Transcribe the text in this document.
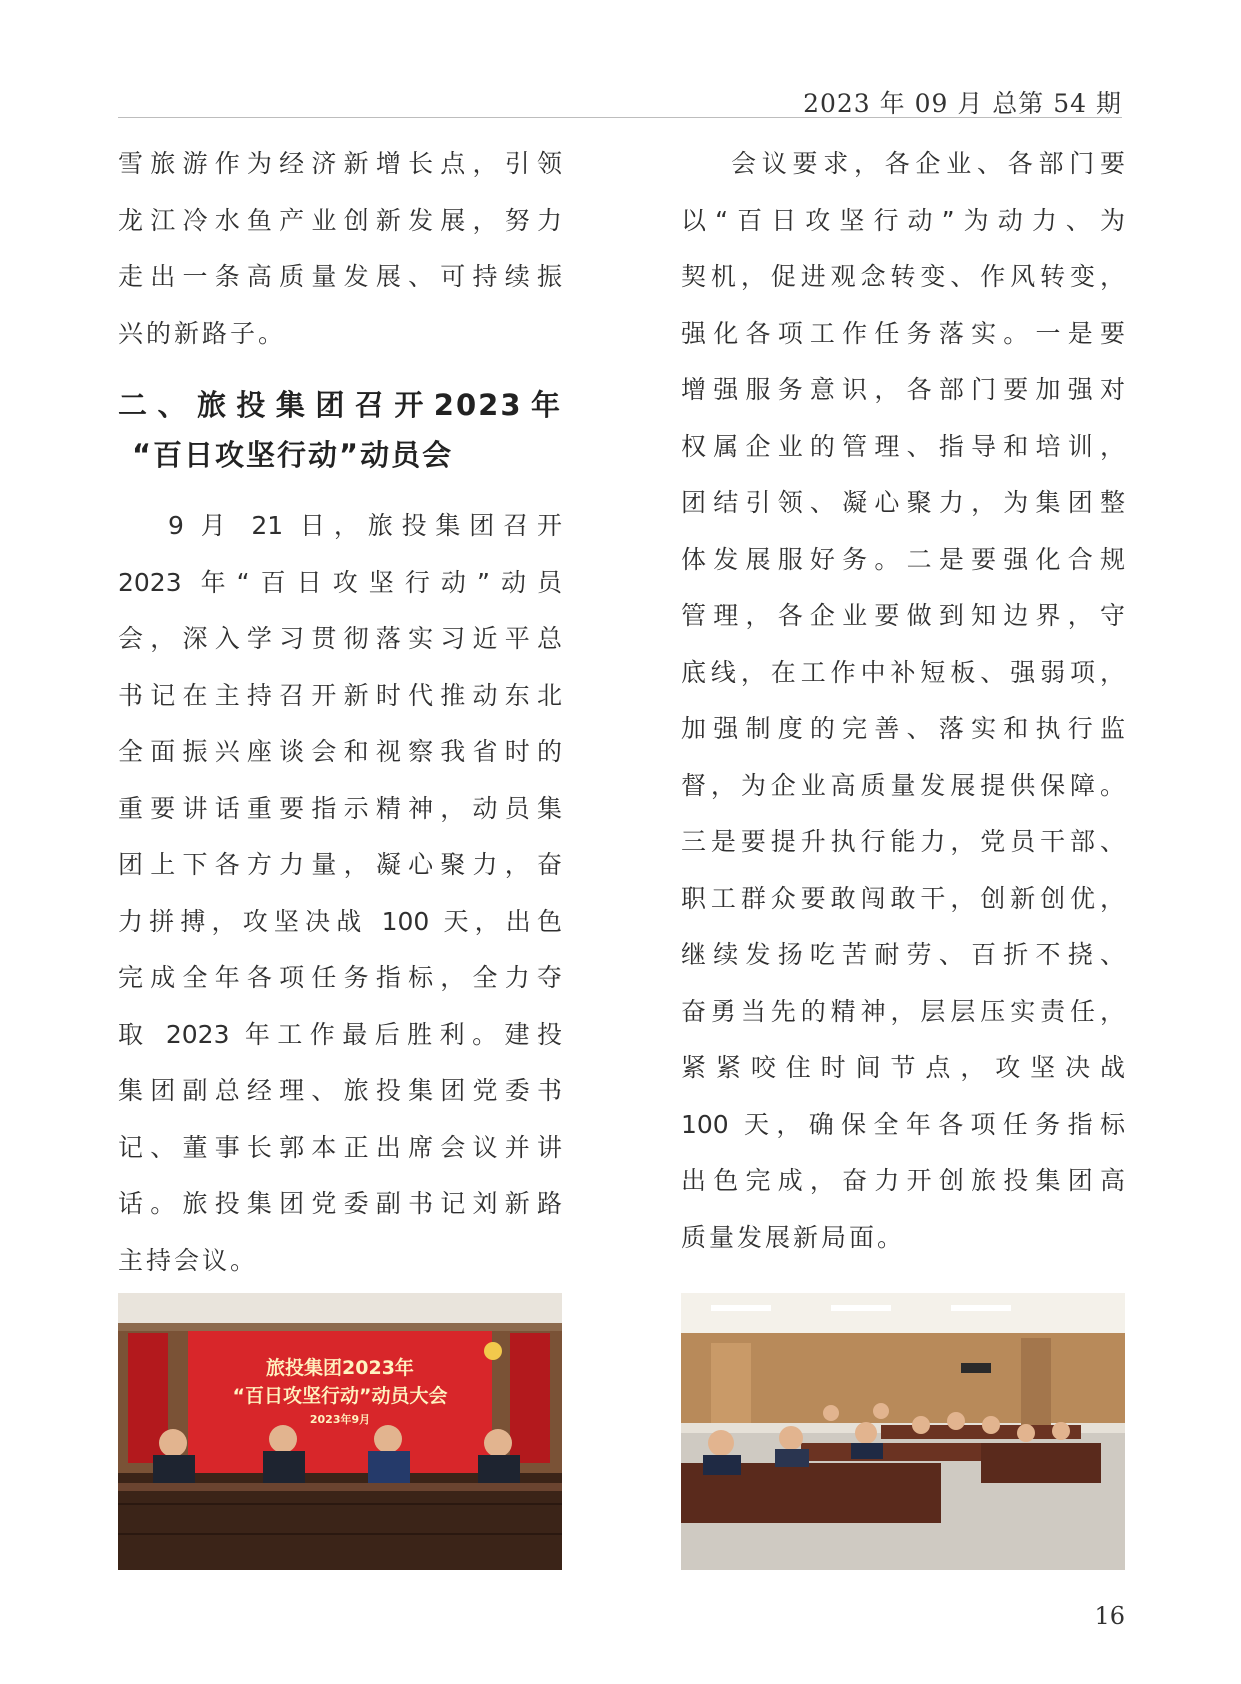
2023 年 09 月 总第 54 期
雪旅游作为经济新增长点，引领
龙江冷水鱼产业创新发展，努力
走出一条高质量发展、可持续振
兴的新路子。
二、旅投集团召开2023年
“百日攻坚行动”动员会
9 月 21 日，旅投集团召开
2023 年“百日攻坚行动”动员
会，深入学习贯彻落实习近平总
书记在主持召开新时代推动东北
全面振兴座谈会和视察我省时的
重要讲话重要指示精神，动员集
团上下各方力量，凝心聚力，奋
力拼搏，攻坚决战 100 天，出色
完成全年各项任务指标，全力夺
取 2023 年工作最后胜利。建投
集团副总经理、旅投集团党委书
记、董事长郭本正出席会议并讲
话。旅投集团党委副书记刘新路
主持会议。
会议要求，各企业、各部门要
以“百日攻坚行动”为动力、为
契机，促进观念转变、作风转变，
强化各项工作任务落实。一是要
增强服务意识，各部门要加强对
权属企业的管理、指导和培训，
团结引领、凝心聚力，为集团整
体发展服好务。二是要强化合规
管理，各企业要做到知边界，守
底线，在工作中补短板、强弱项，
加强制度的完善、落实和执行监
督，为企业高质量发展提供保障。
三是要提升执行能力，党员干部、
职工群众要敢闯敢干，创新创优，
继续发扬吃苦耐劳、百折不挠、
奋勇当先的精神，层层压实责任，
紧紧咬住时间节点，攻坚决战
100 天，确保全年各项任务指标
出色完成，奋力开创旅投集团高
质量发展新局面。
旅投集团2023年
“百日攻坚行动”动员大会
2023年9月
16
